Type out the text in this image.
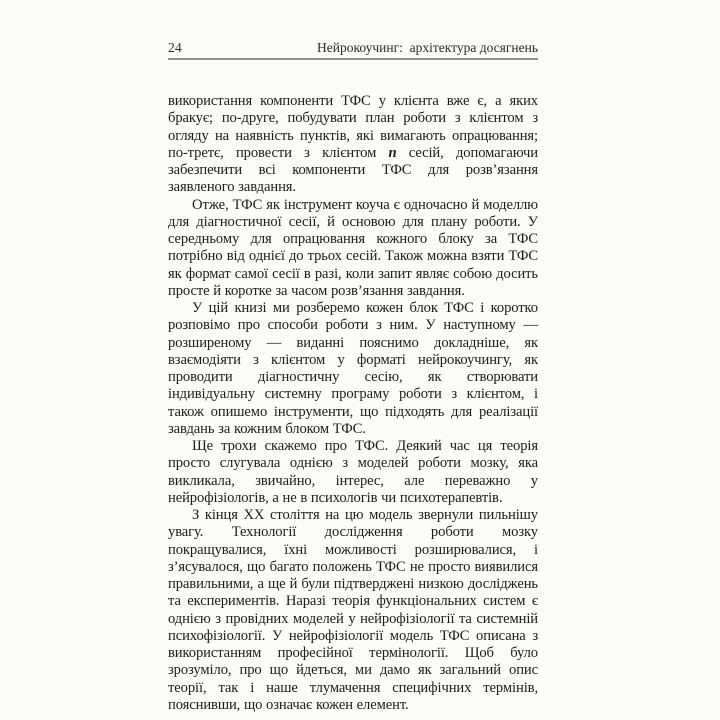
24	Нейрокоучинг:  архітектура досягнень

використання компоненти ТФС у клієнта вже є, а яких бракує; по-друге, побудувати план роботи з клієнтом з огляду на наявність пунктів, які вимагають опрацювання; по-третє, провести з клієнтом n сесій, допомагаючи забезпечити всі компоненти ТФС для розв’язання заявленого завдання.

Отже, ТФС як інструмент коуча є одночасно й моделлю для діагностичної сесії, й основою для плану роботи. У середньому для опрацювання кожного блоку за ТФС потрібно від однієї до трьох сесій. Також можна взяти ТФС як формат самої сесії в разі, коли запит являє собою досить просте й коротке за часом розв’язання завдання.

У цій книзі ми розберемо кожен блок ТФС і коротко розповімо про способи роботи з ним. У наступному — розширеному — виданні пояснимо докладніше, як взаємодіяти з клієнтом у форматі нейрокоучингу, як проводити діагностичну сесію, як створювати індивідуальну системну програму роботи з клієнтом, і також опишемо інструменти, що підходять для реалізації завдань за кожним блоком ТФС.

Ще трохи скажемо про ТФС. Деякий час ця теорія просто слугувала однією з моделей роботи мозку, яка викликала, звичайно, інтерес, але переважно у нейрофізіологів, а не в психологів чи психотерапевтів.

З кінця ХХ століття на цю модель звернули пильнішу увагу. Технології дослідження роботи мозку покращувалися, їхні можливості розширювалися, і з’ясувалося, що багато положень ТФС не просто виявилися правильними, а ще й були підтверджені низкою досліджень та експериментів. Наразі теорія функціональних систем є однією з провідних моделей у нейрофізіології та системній психофізіології. У нейрофізіології модель ТФС описана з використанням професійної термінології. Щоб було зрозуміло, про що йдеться, ми дамо як загальний опис теорії, так і наше тлумачення специфічних термінів, пояснивши, що означає кожен елемент.
